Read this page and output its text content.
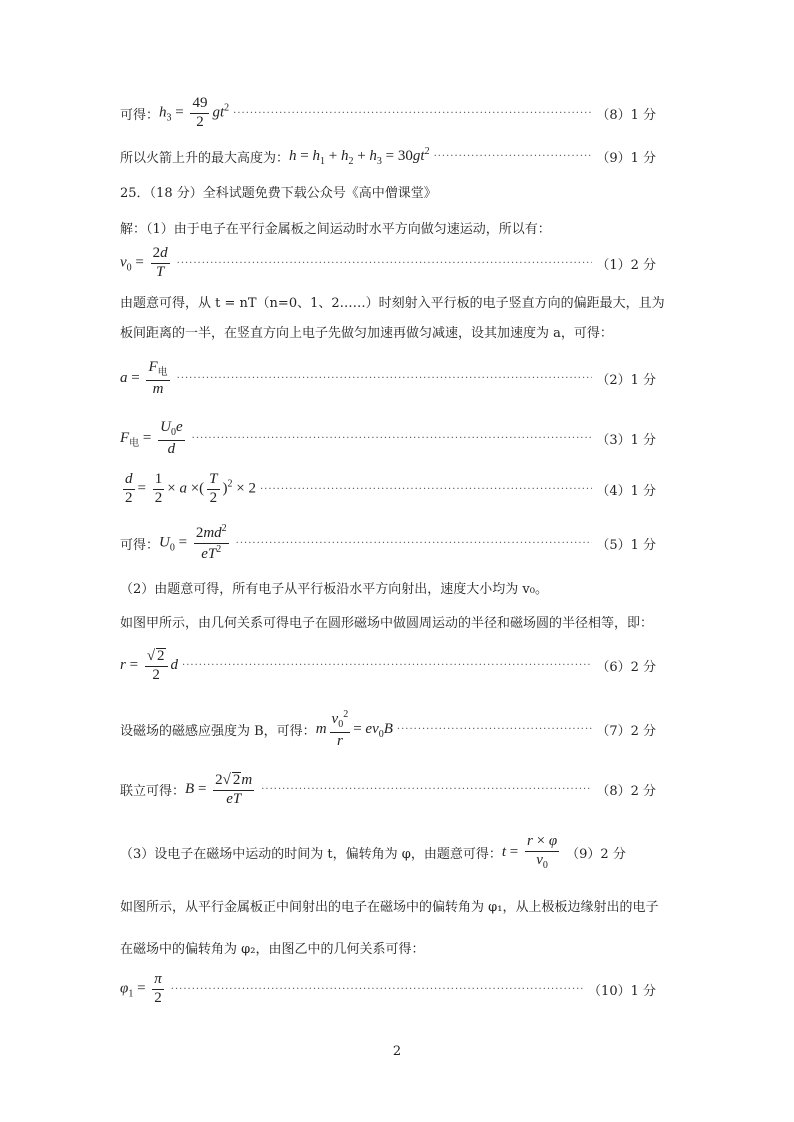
可得： $h_3 = \frac{49}{2} gt^2$ ·····	（8）1 分
所以火箭上升的最大高度为： $h = h_1 + h_2 + h_3 = 30gt^2$ ·····	（9）1 分
25．（18 分）全科试题免费下载公众号《高中僧课堂》
解：（1）由于电子在平行金属板之间运动时水平方向做匀速运动，所以有：
$v_0 = \frac{2d}{T}$ ·····	（1）2 分
由题意可得，从 t = nT（n=0、1、2……）时刻射入平行板的电子竖直方向的偏距最大，且为
板间距离的一半，在竖直方向上电子先做匀加速再做匀减速，设其加速度为 a，可得：
$a = \frac{F_电}{m}$ ·····	（2）1 分
$F_电 = \frac{U_0e}{d}$ ·····	（3）1 分
$\frac{d}{2} = \frac{1}{2} \times a$ ×( $\frac{T}{2} )^2 \times 2$ ·····	（4）1 分
可得： $U_0 = \frac{2md^2}{eT^2}$ ·····	（5）1 分
（2）由题意可得，所有电子从平行板沿水平方向射出，速度大小均为 v₀。
如图甲所示，由几何关系可得电子在圆形磁场中做圆周运动的半径和磁场圆的半径相等，即：
$r = \frac{√ 2}{2}$ d ·····	（6）2 分
设磁场的磁感应强度为 B，可得： m $\frac{v_0^2}{r} = ev_0B$ ·····	（7）2 分
联立可得： $B = \frac{2√ 2m}{eT}$ ·····	（8）2 分
（3）设电子在磁场中运动的时间为 t，偏转角为 φ，由题意可得： $t = \frac{r \times \varphi}{v_0} (9)2$ 分
如图所示，从平行金属板正中间射出的电子在磁场中的偏转角为 φ₁，从上极板边缘射出的电子
在磁场中的偏转角为 φ₂，由图乙中的几何关系可得：
$\varphi_1 = \frac{\pi}{2}$ ·····	（10）1 分
2
